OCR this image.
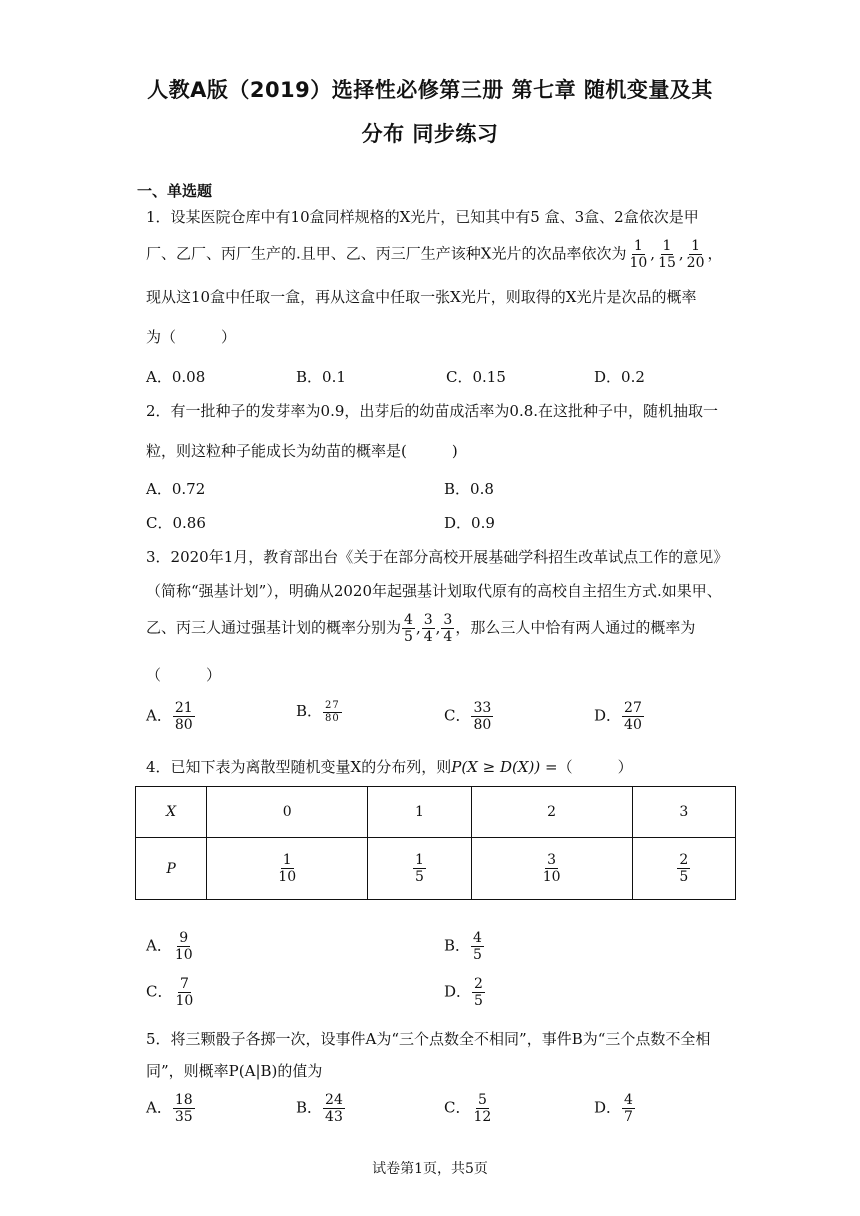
人教A版（2019）选择性必修第三册 第七章 随机变量及其
分布 同步练习
一、单选题
1．设某医院仓库中有10盒同样规格的X光片，已知其中有5 盒、3盒、2盒依次是甲
厂、乙厂、丙厂生产的.且甲、乙、丙三厂生产该种X光片的次品率依次为 $\frac{1}{10}$ , $\frac{1}{15}$ , $\frac{1}{20}$ ，
现从这10盒中任取一盒，再从这盒中任取一张X光片，则取得的X光片是次品的概率
为（　　　）
A．0.08	B．0.1	C．0.15	D．0.2
2．有一批种子的发芽率为0.9，出芽后的幼苗成活率为0.8.在这批种子中，随机抽取一
粒，则这粒种子能成长为幼苗的概率是(　　　)
A．0.72	B．0.8
C．0.86	D．0.9
3．2020年1月，教育部出台《关于在部分高校开展基础学科招生改革试点工作的意见》
（简称“强基计划”），明确从2020年起强基计划取代原有的高校自主招生方式.如果甲、
乙、丙三人通过强基计划的概率分别为 $\frac{4}{5}$ , $\frac{3}{4}$ , $\frac{3}{4}$ ，那么三人中恰有两人通过的概率为
（　　　）
A． $\frac{21}{80}$	B． $\frac{27}{80}$	C． $\frac{33}{80}$	D． $\frac{27}{40}$
4．已知下表为离散型随机变量X的分布列，则P(X ≥ D(X)) =（　　　）
X	0	1	2	3
P	$\frac{1}{10}$	$\frac{1}{5}$	$\frac{3}{10}$	$\frac{2}{5}$
A． $\frac{9}{10}$	B． $\frac{4}{5}$
C． $\frac{7}{10}$	D． $\frac{2}{5}$
5．将三颗骰子各掷一次，设事件A为“三个点数全不相同”，事件B为“三个点数不全相
同”，则概率P(A|B)的值为
A． $\frac{18}{35}$	B． $\frac{24}{43}$	C． $\frac{5}{12}$	D． $\frac{4}{7}$
试卷第1页，共5页
